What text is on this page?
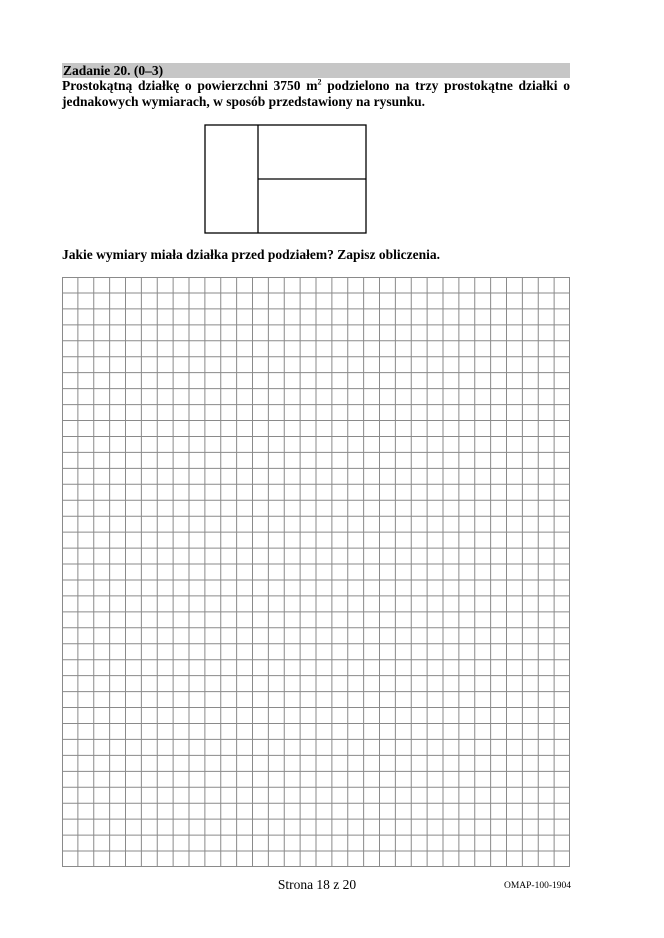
Zadanie 20. (0–3)
Prostokątną działkę o powierzchni 3750 $m^2$ podzielono na trzy prostokątne działki o jednakowych wymiarach, w sposób przedstawiony na rysunku.
Jakie wymiary miała działka przed podziałem? Zapisz obliczenia.
Strona 18 z 20	OMAP-100-1904
